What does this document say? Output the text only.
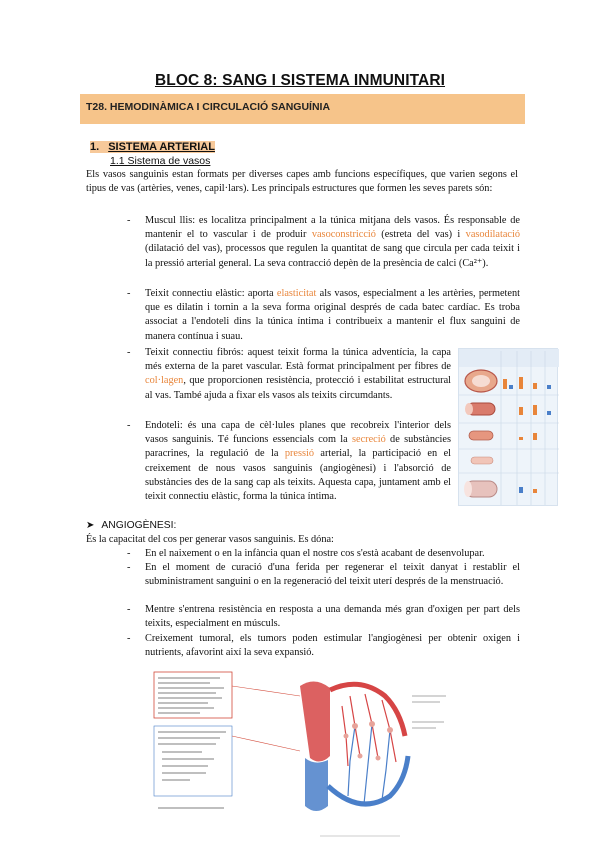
BLOC 8: SANG I SISTEMA INMUNITARI
T28. HEMODINÀMICA I CIRCULACIÓ SANGUÍNIA
1. SISTEMA ARTERIAL
1.1 Sistema de vasos
Els vasos sanguinis estan formats per diverses capes amb funcions específiques, que varien segons el tipus de vas (artèries, venes, capil·lars). Les principals estructures que formen les seves parets són:
- Muscul llis: es localitza principalment a la túnica mitjana dels vasos. És responsable de mantenir el to vascular i de produir vasoconstricció (estreta del vas) i vasodilatació (dilatació del vas), processos que regulen la quantitat de sang que circula per cada teixit i la pressió arterial general. La seva contracció depèn de la presència de calci (Ca²⁺).
- Teixit connectiu elàstic: aporta elasticitat als vasos, especialment a les artèries, permetent que es dilatin i tornin a la seva forma original després de cada batec cardíac. Es troba associat a l'endoteli dins la túnica íntima i contribueix a mantenir el flux sanguini de manera contínua i suau.
- Teixit connectiu fibrós: aquest teixit forma la túnica adventícia, la capa més externa de la paret vascular. Està format principalment per fibres de col·lagen, que proporcionen resistència, protecció i estabilitat estructural al vas. També ajuda a fixar els vasos als teixits circumdants.
- Endoteli: és una capa de cèl·lules planes que recobreix l'interior dels vasos sanguinis. Té funcions essencials com la secreció de substàncies paracrines, la regulació de la pressió arterial, la participació en el creixement de nous vasos sanguinis (angiogènesi) i l'absorció de substàncies des de la sang cap als teixits. Aquesta capa, juntament amb el teixit connectiu elàstic, forma la túnica íntima.
➤ ANGIOGÈNESI:
És la capacitat del cos per generar vasos sanguinis. Es dóna:
- En el naixement o en la infància quan el nostre cos s'està acabant de desenvolupar.
- En el moment de curació d'una ferida per regenerar el teixit danyat i restablir el subministrament sanguini o en la regeneració del teixit uterí després de la menstruació.
- Mentre s'entrena resistència en resposta a una demanda més gran d'oxigen per part dels teixits, especialment en músculs.
- Creixement tumoral, els tumors poden estimular l'angiogènesi per obtenir oxigen i nutrients, afavorint així la seva expansió.
